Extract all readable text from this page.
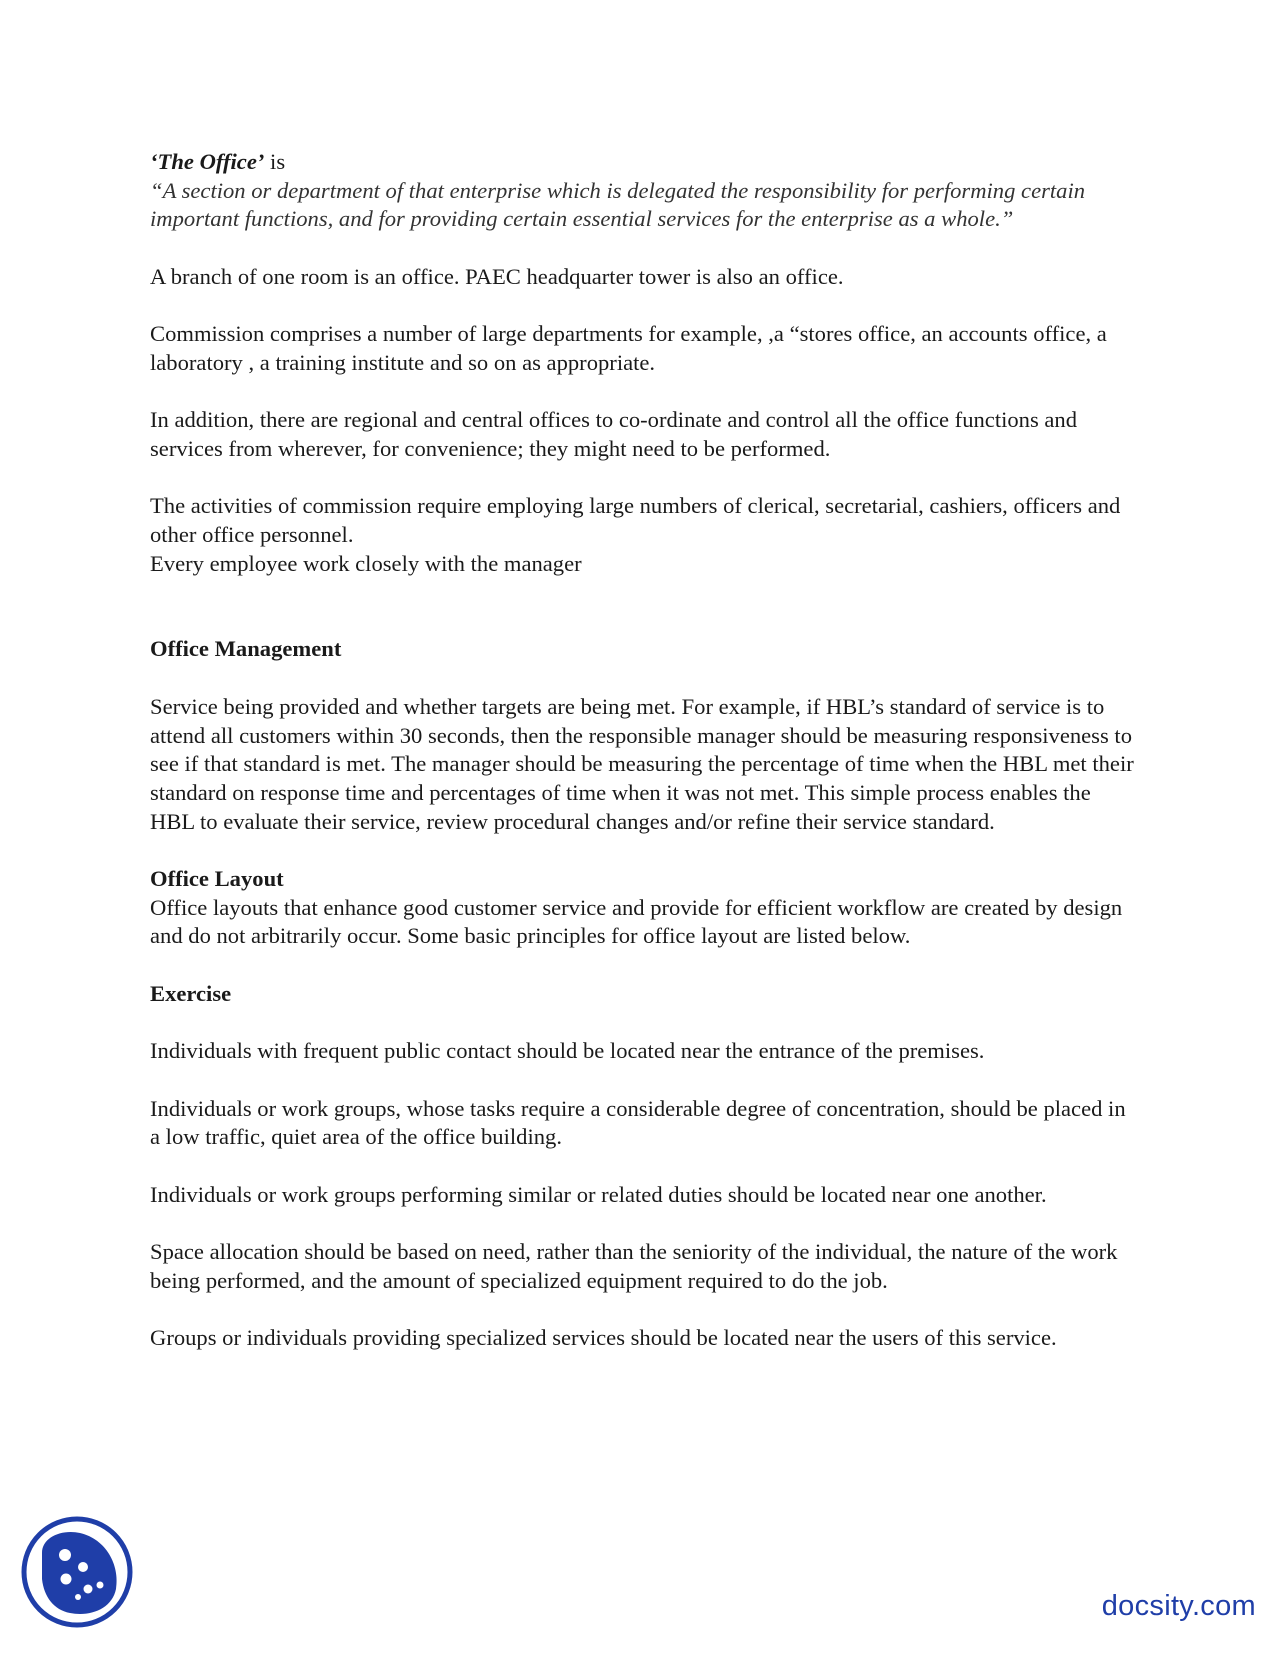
‘The Office’ is

“A section or department of that enterprise which is delegated the responsibility for performing certain important functions, and for providing certain essential services for the enterprise as a whole.”

A branch of one room is an office. PAEC headquarter tower is also an office.

Commission comprises a number of large departments for example, ,a “stores office, an accounts office, a laboratory , a training institute and so on as appropriate.

In addition, there are regional and central offices to co-ordinate and control all the office functions and services from wherever, for convenience; they might need to be performed.

The activities of commission require employing large numbers of clerical, secretarial, cashiers, officers and other office personnel.

Every employee work closely with the manager

Office Management

Service being provided and whether targets are being met. For example, if HBL’s standard of service is to attend all customers within 30 seconds, then the responsible manager should be measuring responsiveness to see if that standard is met. The manager should be measuring the percentage of time when the HBL met their standard on response time and percentages of time when it was not met. This simple process enables the HBL to evaluate their service, review procedural changes and/or refine their service standard.

Office Layout

Office layouts that enhance good customer service and provide for efficient workflow are created by design and do not arbitrarily occur. Some basic principles for office layout are listed below.

Exercise

Individuals with frequent public contact should be located near the entrance of the premises.

Individuals or work groups, whose tasks require a considerable degree of concentration, should be placed in a low traffic, quiet area of the office building.

Individuals or work groups performing similar or related duties should be located near one another.

Space allocation should be based on need, rather than the seniority of the individual, the nature of the work being performed, and the amount of specialized equipment required to do the job.

Groups or individuals providing specialized services should be located near the users of this service.

docsity.com
